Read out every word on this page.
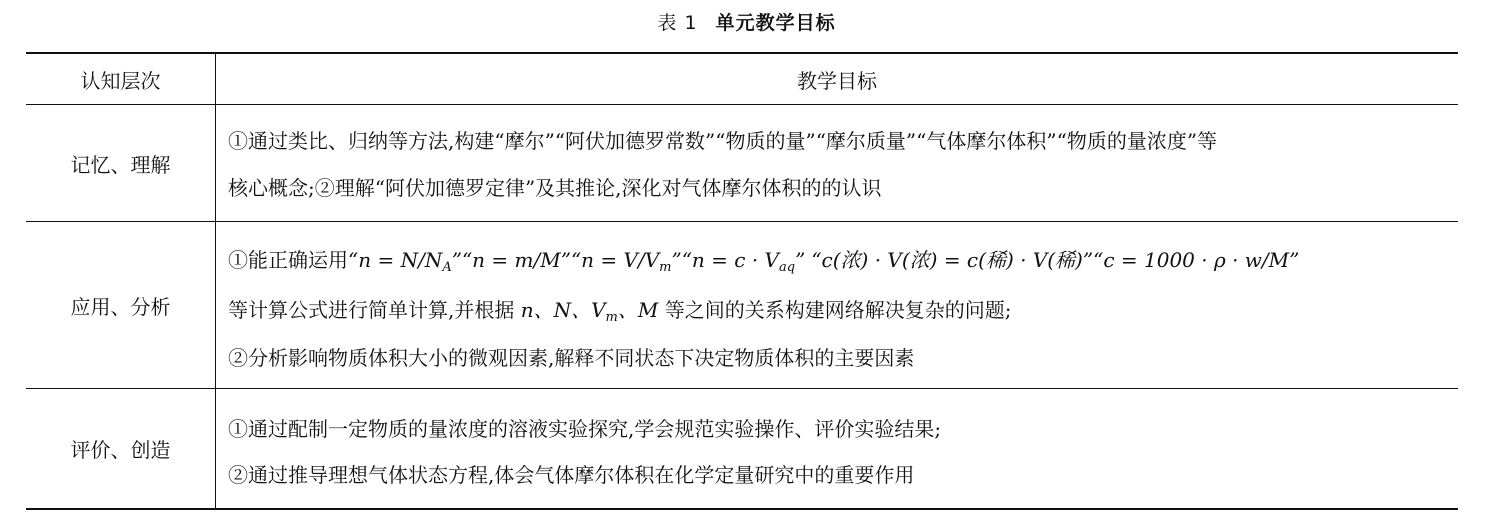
表 1 单元教学目标
认知层次	教学目标
记忆、理解
①通过类比、归纳等方法,构建“摩尔”“阿伏加德罗常数”“物质的量”“摩尔质量”“气体摩尔体积”“物质的量浓度”等
核心概念;②理解“阿伏加德罗定律”及其推论,深化对气体摩尔体积的的认识
应用、分析
①能正确运用“$n = N/N_A”“n$ = m/M”“n = $V/V_m”“n = c \cdot V_{aq}$” “c(浓) · V(浓) = c(稀) · V(稀)”“c = 1000 · ρ · w/M”
等计算公式进行简单计算,并根据 n、N、$V_m$、M 等之间的关系构建网络解决复杂的问题;
②分析影响物质体积大小的微观因素,解释不同状态下决定物质体积的主要因素
评价、创造
①通过配制一定物质的量浓度的溶液实验探究,学会规范实验操作、评价实验结果;
②通过推导理想气体状态方程,体会气体摩尔体积在化学定量研究中的重要作用
